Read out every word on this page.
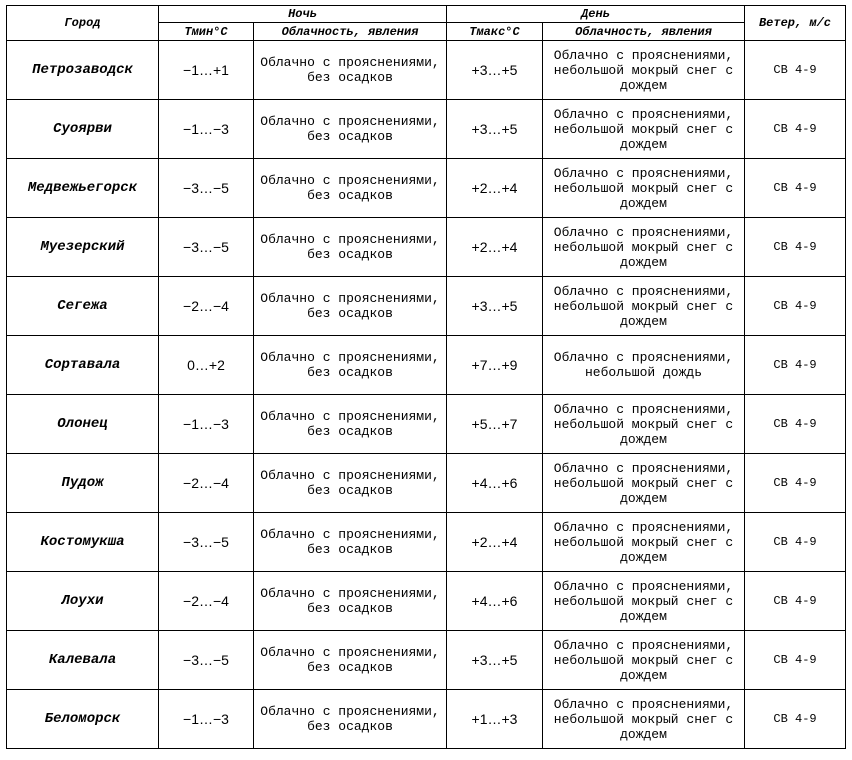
Город	Ночь		День		Ветер, м/с
	Тмин°С	Облачность, явления	Тмакс°С	Облачность, явления	
Петрозаводск	−1…+1	Облачно с прояснениями, без осадков	+3…+5	Облачно с прояснениями, небольшой мокрый снег с дождем	СВ 4-9
Суоярви	−1…−3	Облачно с прояснениями, без осадков	+3…+5	Облачно с прояснениями, небольшой мокрый снег с дождем	СВ 4-9
Медвежьегорск	−3…−5	Облачно с прояснениями, без осадков	+2…+4	Облачно с прояснениями, небольшой мокрый снег с дождем	СВ 4-9
Муезерский	−3…−5	Облачно с прояснениями, без осадков	+2…+4	Облачно с прояснениями, небольшой мокрый снег с дождем	СВ 4-9
Сегежа	−2…−4	Облачно с прояснениями, без осадков	+3…+5	Облачно с прояснениями, небольшой мокрый снег с дождем	СВ 4-9
Сортавала	0…+2	Облачно с прояснениями, без осадков	+7…+9	Облачно с прояснениями, небольшой дождь	СВ 4-9
Олонец	−1…−3	Облачно с прояснениями, без осадков	+5…+7	Облачно с прояснениями, небольшой мокрый снег с дождем	СВ 4-9
Пудож	−2…−4	Облачно с прояснениями, без осадков	+4…+6	Облачно с прояснениями, небольшой мокрый снег с дождем	СВ 4-9
Костомукша	−3…−5	Облачно с прояснениями, без осадков	+2…+4	Облачно с прояснениями, небольшой мокрый снег с дождем	СВ 4-9
Лоухи	−2…−4	Облачно с прояснениями, без осадков	+4…+6	Облачно с прояснениями, небольшой мокрый снег с дождем	СВ 4-9
Калевала	−3…−5	Облачно с прояснениями, без осадков	+3…+5	Облачно с прояснениями, небольшой мокрый снег с дождем	СВ 4-9
Беломорск	−1…−3	Облачно с прояснениями, без осадков	+1…+3	Облачно с прояснениями, небольшой мокрый снег с дождем	СВ 4-9
